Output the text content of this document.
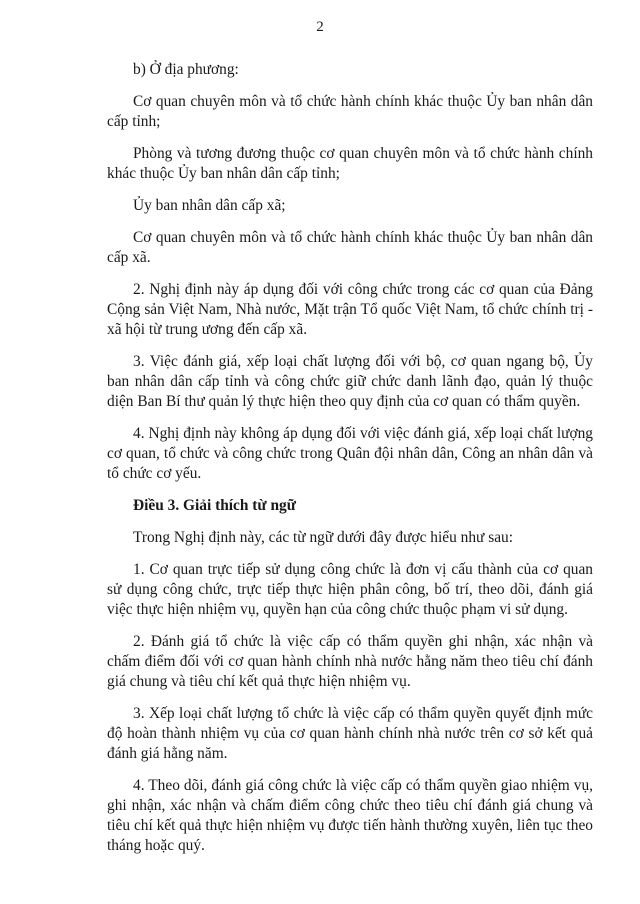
2

b) Ở địa phương:

Cơ quan chuyên môn và tổ chức hành chính khác thuộc Ủy ban nhân dân cấp tỉnh;

Phòng và tương đương thuộc cơ quan chuyên môn và tổ chức hành chính khác thuộc Ủy ban nhân dân cấp tỉnh;

Ủy ban nhân dân cấp xã;

Cơ quan chuyên môn và tổ chức hành chính khác thuộc Ủy ban nhân dân cấp xã.

2. Nghị định này áp dụng đối với công chức trong các cơ quan của Đảng Cộng sản Việt Nam, Nhà nước, Mặt trận Tổ quốc Việt Nam, tổ chức chính trị - xã hội từ trung ương đến cấp xã.

3. Việc đánh giá, xếp loại chất lượng đối với bộ, cơ quan ngang bộ, Ủy ban nhân dân cấp tỉnh và công chức giữ chức danh lãnh đạo, quản lý thuộc diện Ban Bí thư quản lý thực hiện theo quy định của cơ quan có thẩm quyền.

4. Nghị định này không áp dụng đối với việc đánh giá, xếp loại chất lượng cơ quan, tổ chức và công chức trong Quân đội nhân dân, Công an nhân dân và tổ chức cơ yếu.

Điều 3. Giải thích từ ngữ

Trong Nghị định này, các từ ngữ dưới đây được hiểu như sau:

1. Cơ quan trực tiếp sử dụng công chức là đơn vị cấu thành của cơ quan sử dụng công chức, trực tiếp thực hiện phân công, bố trí, theo dõi, đánh giá việc thực hiện nhiệm vụ, quyền hạn của công chức thuộc phạm vi sử dụng.

2. Đánh giá tổ chức là việc cấp có thẩm quyền ghi nhận, xác nhận và chấm điểm đối với cơ quan hành chính nhà nước hằng năm theo tiêu chí đánh giá chung và tiêu chí kết quả thực hiện nhiệm vụ.

3. Xếp loại chất lượng tổ chức là việc cấp có thẩm quyền quyết định mức độ hoàn thành nhiệm vụ của cơ quan hành chính nhà nước trên cơ sở kết quả đánh giá hằng năm.

4. Theo dõi, đánh giá công chức là việc cấp có thẩm quyền giao nhiệm vụ, ghi nhận, xác nhận và chấm điểm công chức theo tiêu chí đánh giá chung và tiêu chí kết quả thực hiện nhiệm vụ được tiến hành thường xuyên, liên tục theo tháng hoặc quý.
